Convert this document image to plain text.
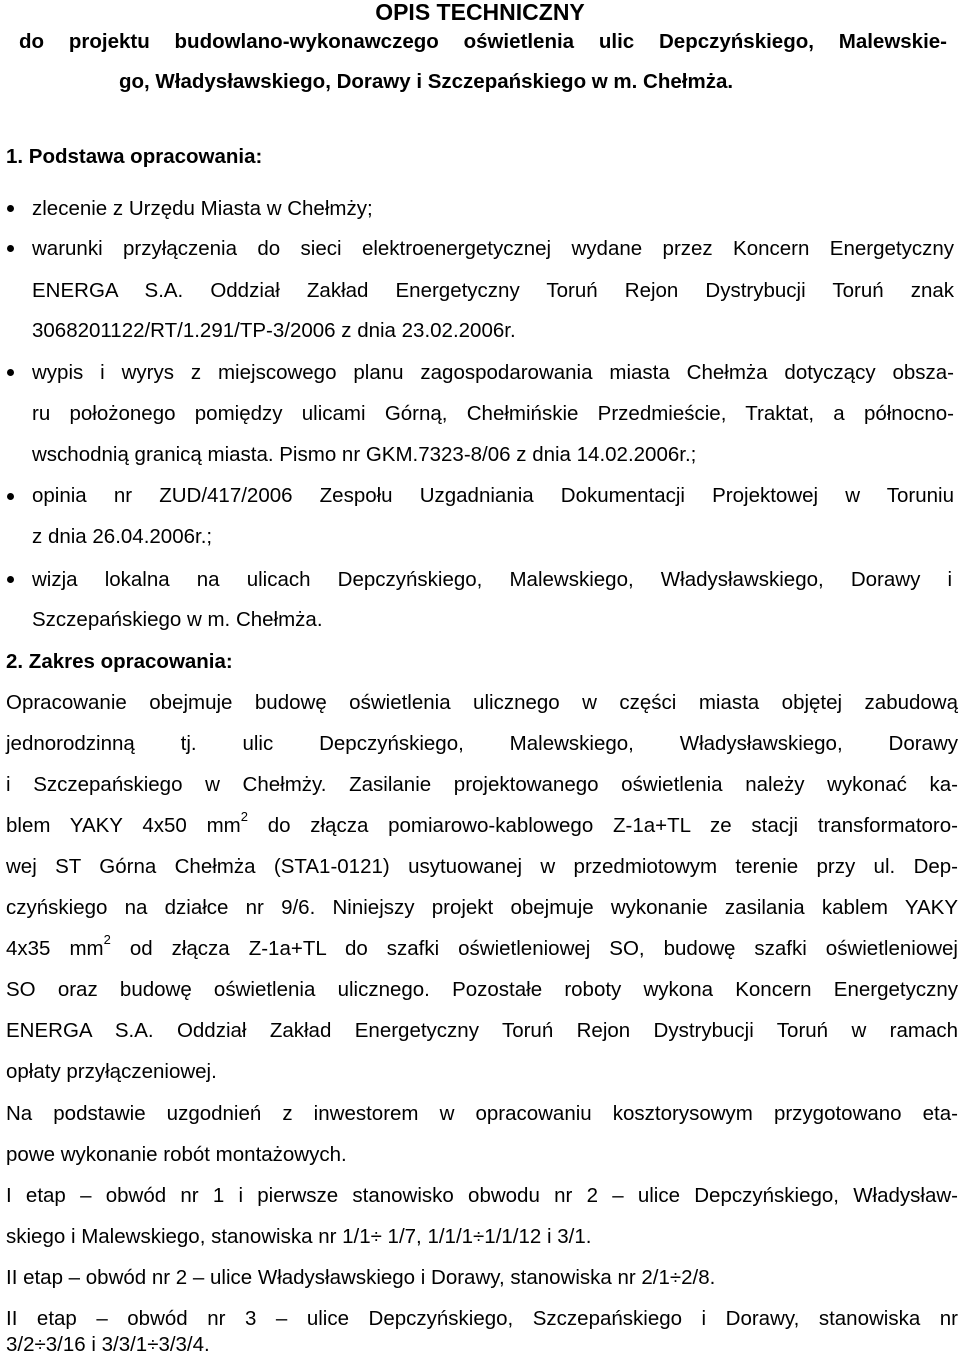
OPIS TECHNICZNY
do projektu budowlano-wykonawczego oświetlenia ulic Depczyńskiego, Malewskie-
go, Władysławskiego, Dorawy i Szczepańskiego w m. Chełmża.
1. Podstawa opracowania:
zlecenie z Urzędu Miasta w Chełmży;
warunki przyłączenia do sieci elektroenergetycznej wydane przez Koncern Energetyczny
ENERGA S.A. Oddział Zakład Energetyczny Toruń Rejon Dystrybucji Toruń znak
3068201122/RT/1.291/TP-3/2006 z dnia 23.02.2006r.
wypis i wyrys z miejscowego planu zagospodarowania miasta Chełmża dotyczący obsza-
ru położonego pomiędzy ulicami Górną, Chełmińskie Przedmieście, Traktat, a północno-
wschodnią granicą miasta. Pismo nr GKM.7323-8/06 z dnia 14.02.2006r.;
opinia nr ZUD/417/2006 Zespołu Uzgadniania Dokumentacji Projektowej w Toruniu
z dnia 26.04.2006r.;
wizja lokalna na ulicach Depczyńskiego, Malewskiego, Władysławskiego, Dorawy i
Szczepańskiego w m. Chełmża.
2. Zakres opracowania:
Opracowanie obejmuje budowę oświetlenia ulicznego w części miasta objętej zabudową
jednorodzinną tj. ulic Depczyńskiego, Malewskiego, Władysławskiego, Dorawy
i Szczepańskiego w Chełmży. Zasilanie projektowanego oświetlenia należy wykonać ka-
blem YAKY 4x50 $mm^2$ do złącza pomiarowo-kablowego Z-1a+TL ze stacji transformatoro-
wej ST Górna Chełmża (STA1-0121) usytuowanej w przedmiotowym terenie przy ul. Dep-
czyńskiego na działce nr 9/6. Niniejszy projekt obejmuje wykonanie zasilania kablem YAKY
4x35 $mm^2$ od złącza Z-1a+TL do szafki oświetleniowej SO, budowę szafki oświetleniowej
SO oraz budowę oświetlenia ulicznego. Pozostałe roboty wykona Koncern Energetyczny
ENERGA S.A. Oddział Zakład Energetyczny Toruń Rejon Dystrybucji Toruń w ramach
opłaty przyłączeniowej.
Na podstawie uzgodnień z inwestorem w opracowaniu kosztorysowym przygotowano eta-
powe wykonanie robót montażowych.
I etap – obwód nr 1 i pierwsze stanowisko obwodu nr 2 – ulice Depczyńskiego, Władysław-
skiego i Malewskiego, stanowiska nr 1/1÷ 1/7, 1/1/1÷1/1/12 i 3/1.
II etap – obwód nr 2 – ulice Władysławskiego i Dorawy, stanowiska nr 2/1÷2/8.
II etap – obwód nr 3 – ulice Depczyńskiego, Szczepańskiego i Dorawy, stanowiska nr
3/2÷3/16 i 3/3/1÷3/3/4.
